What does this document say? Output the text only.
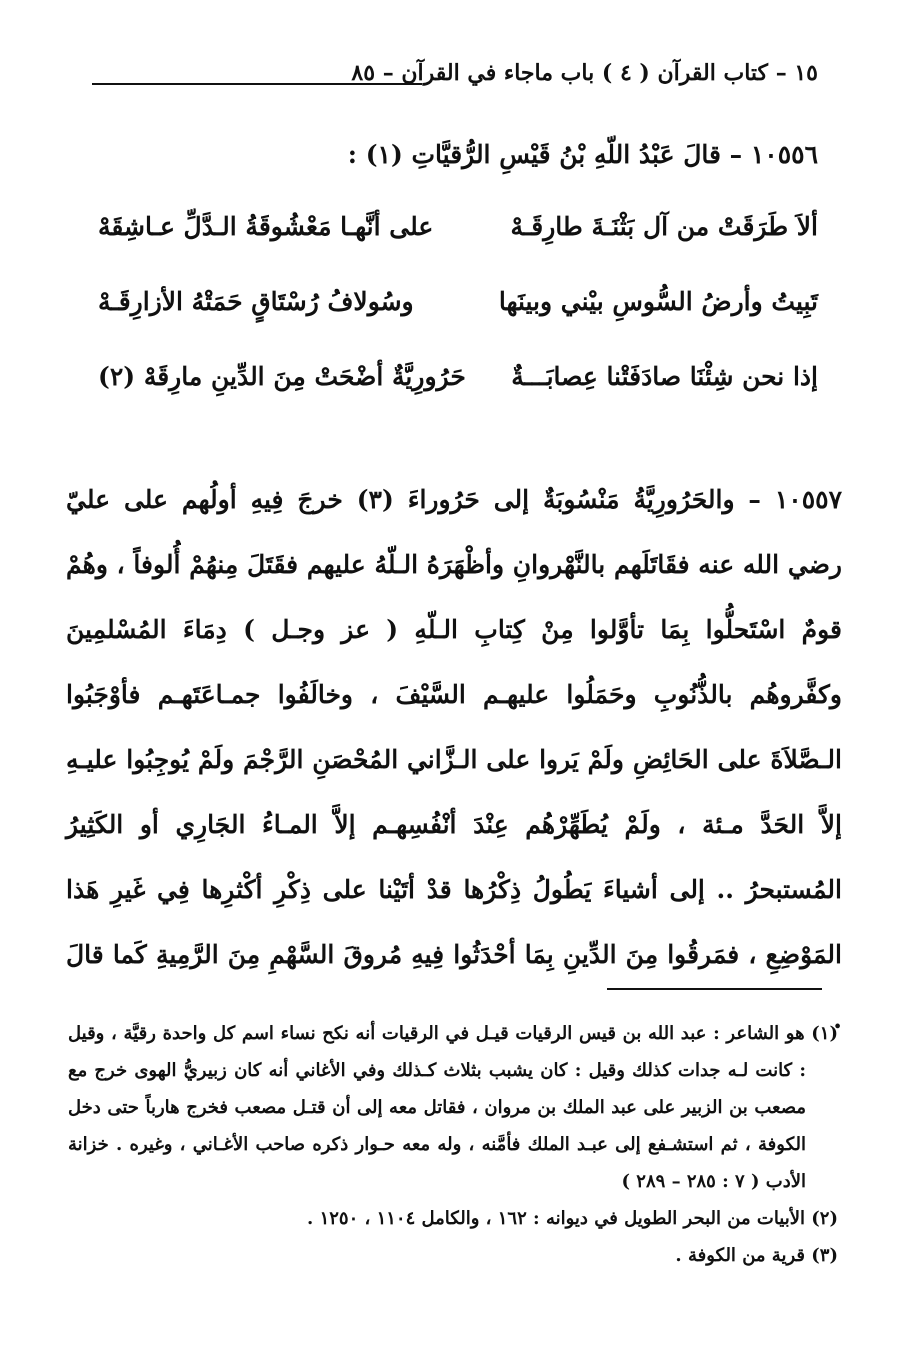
١٥ – كتاب القرآن ( ٤ ) باب ماجاء في القرآن – ٨٥
١٠٥٥٦ – قالَ عَبْدُ اللّهِ بْنُ قَيْسِ الرُّقيَّاتِ (١) :
ألاَ طَرَقَتْ من آل بَثْنَـةَ طارِقَـهْ
على أنَّهـا مَعْشُوقَةُ الـدَّلِّ عـاشِقَهْ
تَبِيتُ وأرضُ السُّوسِ بيْني وبينَها
وسُولافُ رُسْتَاقٍ حَمَتْهُ الأزارِقَـهْ
إذا نحن شِئْنَا صادَفَتْنا عِصابَـــةٌ
حَرُورِيَّةٌ أضْحَتْ مِنَ الدِّينِ مارِقَهْ (٢)

١٠٥٥٧ – والحَرُورِيَّةُ مَنْسُوبَةٌ إلى حَرُوراءَ (٣) خرجَ فِيهِ أولُهم على عليّ رضي الله عنه فقَاتَلَهم بالنَّهْروانِ وأظْهَرَهُ الـلّهُ عليهم فقَتَلَ مِنهُمْ أُلوفاً ، وهُمْ قومٌ اسْتَحلُّوا بِمَا تأوَّلوا مِنْ كِتابِ الـلّهِ ( عز وجـل ) دِمَاءَ المُسْلمِينَ وكفَّروهُم بالذُّنُوبِ وحَمَلُوا عليهـم السَّيْفَ ، وخالَفُوا جمـاعَتَهـم فأوْجَبُوا الـصَّلاَةَ على الحَائِضِ ولَمْ يَروا على الـزَّاني المُحْصَنِ الرَّجْمَ ولَمْ يُوجِبُوا عليـهِ إلاَّ الحَدَّ مـئة ، ولَمْ يُطَهِّرْهُم عِنْدَ أنْفُسِهـم إلاَّ المـاءُ الجَارِي أو الكَثِيرُ المُستبحرُ .. إلى أشياءَ يَطُولُ ذِكْرُها قدْ أتَيْنا على ذِكْرِ أكْثرِها فِي غَيرِ هَذا المَوْضِعِ ، فمَرقُوا مِنَ الدِّينِ بِمَا أحْدَثُوا فِيهِ مُروقَ السَّهْمِ مِنَ الرَّمِيةِ كَما قالَ .

(١) هو الشاعر : عبد الله بن قيس الرقيات قيـل في الرقيات أنه نكح نساء اسم كل واحدة رقيَّة ، وقيل : كانت لـه جدات كذلك وقيل : كان يشبب بثلاث كـذلك وفي الأغاني أنه كان زبيريُّ الهوى خرج مع مصعب بن الزبير على عبد الملك بن مروان ، فقاتل معه إلى أن قتـل مصعب فخرج هارباً حتى دخل الكوفة ، ثم استشـفع إلى عبـد الملك فأمَّنه ، وله معه حـوار ذكره صاحب الأغـاني ، وغيره . خزانة الأدب ( ٧ : ٢٨٥ – ٢٨٩ )

(٢) الأبيات من البحر الطويل في ديوانه : ١٦٢ ، والكامل ١١٠٤ ، ١٢٥٠ .

(٣) قرية من الكوفة .
